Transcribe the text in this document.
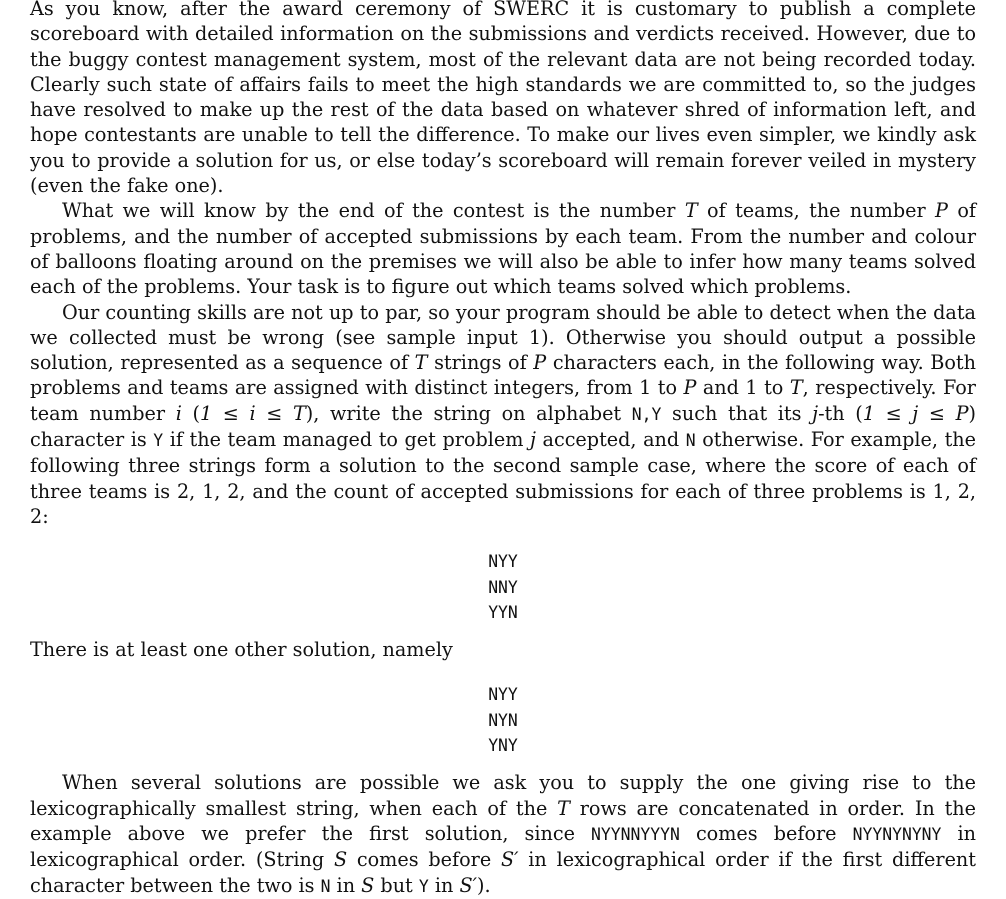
As you know, after the award ceremony of SWERC it is customary to publish a complete scoreboard with detailed information on the submissions and verdicts received. However, due to the buggy contest management system, most of the relevant data are not being recorded today. Clearly such state of affairs fails to meet the high standards we are committed to, so the judges have resolved to make up the rest of the data based on whatever shred of information left, and hope contestants are unable to tell the difference. To make our lives even simpler, we kindly ask you to provide a solution for us, or else today’s scoreboard will remain forever veiled in mystery (even the fake one).

What we will know by the end of the contest is the number T of teams, the number P of problems, and the number of accepted submissions by each team. From the number and colour of balloons floating around on the premises we will also be able to infer how many teams solved each of the problems. Your task is to figure out which teams solved which problems.

Our counting skills are not up to par, so your program should be able to detect when the data we collected must be wrong (see sample input 1). Otherwise you should output a possible solution, represented as a sequence of T strings of P characters each, in the following way. Both problems and teams are assigned with distinct integers, from 1 to P and 1 to T, respectively. For team number i (1 ≤ i ≤ T), write the string on alphabet N,Y such that its j-th (1 ≤ j ≤ P) character is Y if the team managed to get problem j accepted, and N otherwise. For example, the following three strings form a solution to the second sample case, where the score of each of three teams is 2, 1, 2, and the count of accepted submissions for each of three problems is 1, 2, 2:

NYY
NNY
YYN

There is at least one other solution, namely

NYY
NYN
YNY

When several solutions are possible we ask you to supply the one giving rise to the lexicographically smallest string, when each of the T rows are concatenated in order. In the example above we prefer the first solution, since NYYNNYYYN comes before NYYNYNYNY in lexicographical order. (String S comes before S′ in lexicographical order if the first different character between the two is N in S but Y in S′).
